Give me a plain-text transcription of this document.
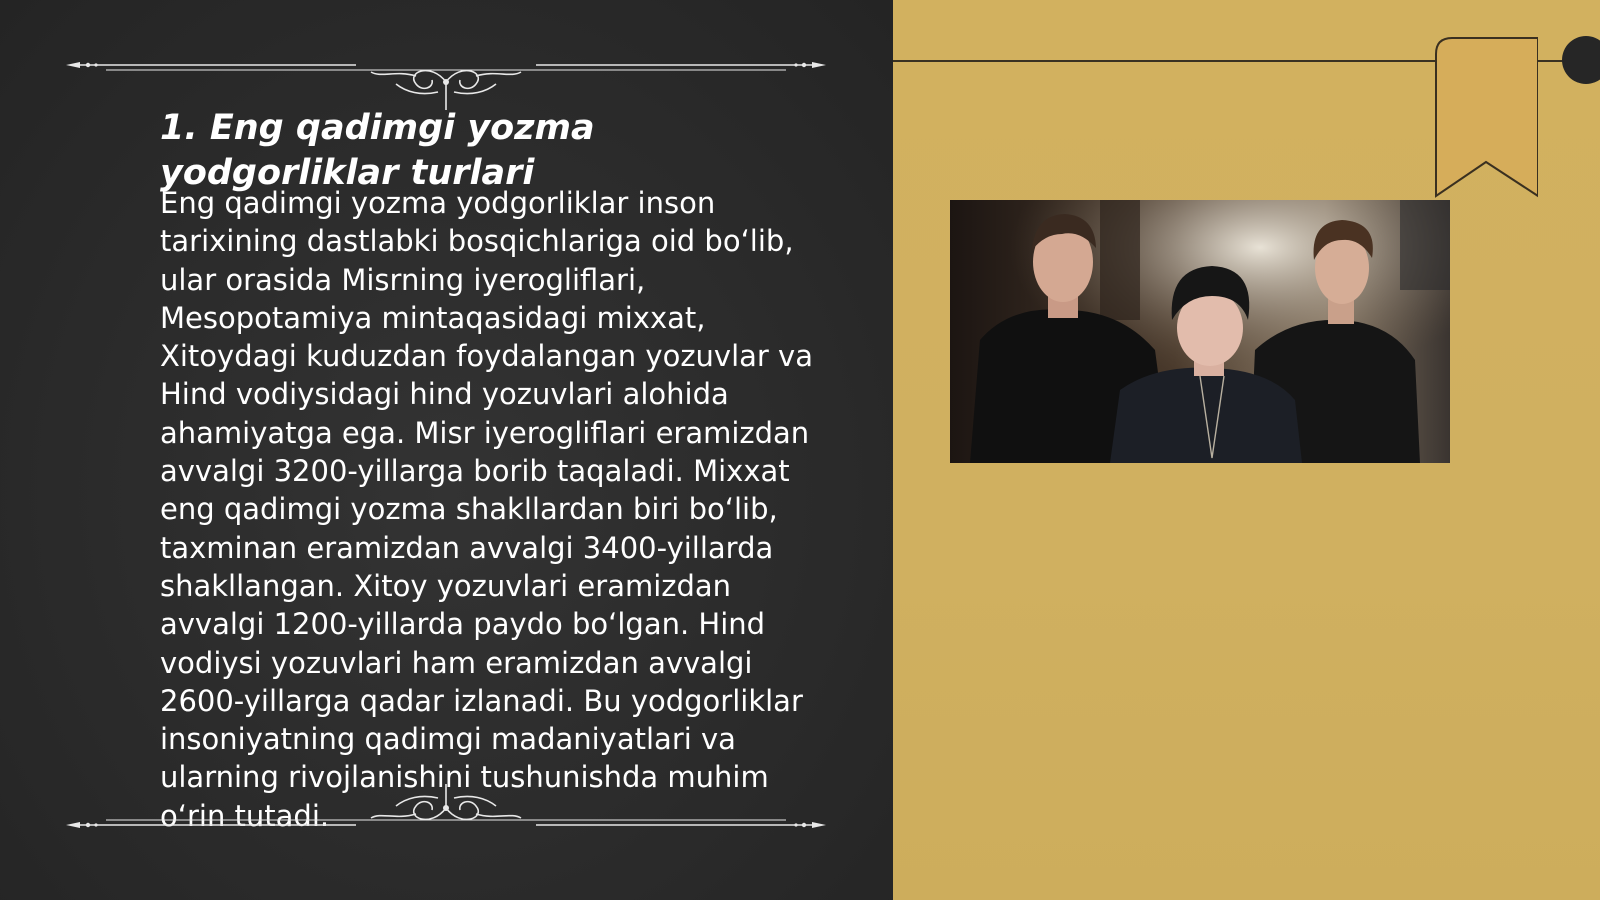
1. Eng qadimgi yozma yodgorliklar turlari

Eng qadimgi yozma yodgorliklar inson tarixining dastlabki bosqichlariga oid bo‘lib, ular orasida Misrning iyerogliflari, Mesopotamiya mintaqasidagi mixxat, Xitoydagi kuduzdan foydalangan yozuvlar va Hind vodiysidagi hind yozuvlari alohida ahamiyatga ega. Misr iyerogliflari eramizdan avvalgi 3200-yillarga borib taqaladi. Mixxat eng qadimgi yozma shakllardan biri bo‘lib, taxminan eramizdan avvalgi 3400-yillarda shakllangan. Xitoy yozuvlari eramizdan avvalgi 1200-yillarda paydo bo‘lgan. Hind vodiysi yozuvlari ham eramizdan avvalgi 2600-yillarga qadar izlanadi. Bu yodgorliklar insoniyatning qadimgi madaniyatlari va ularning rivojlanishini tushunishda muhim o‘rin tutadi.
